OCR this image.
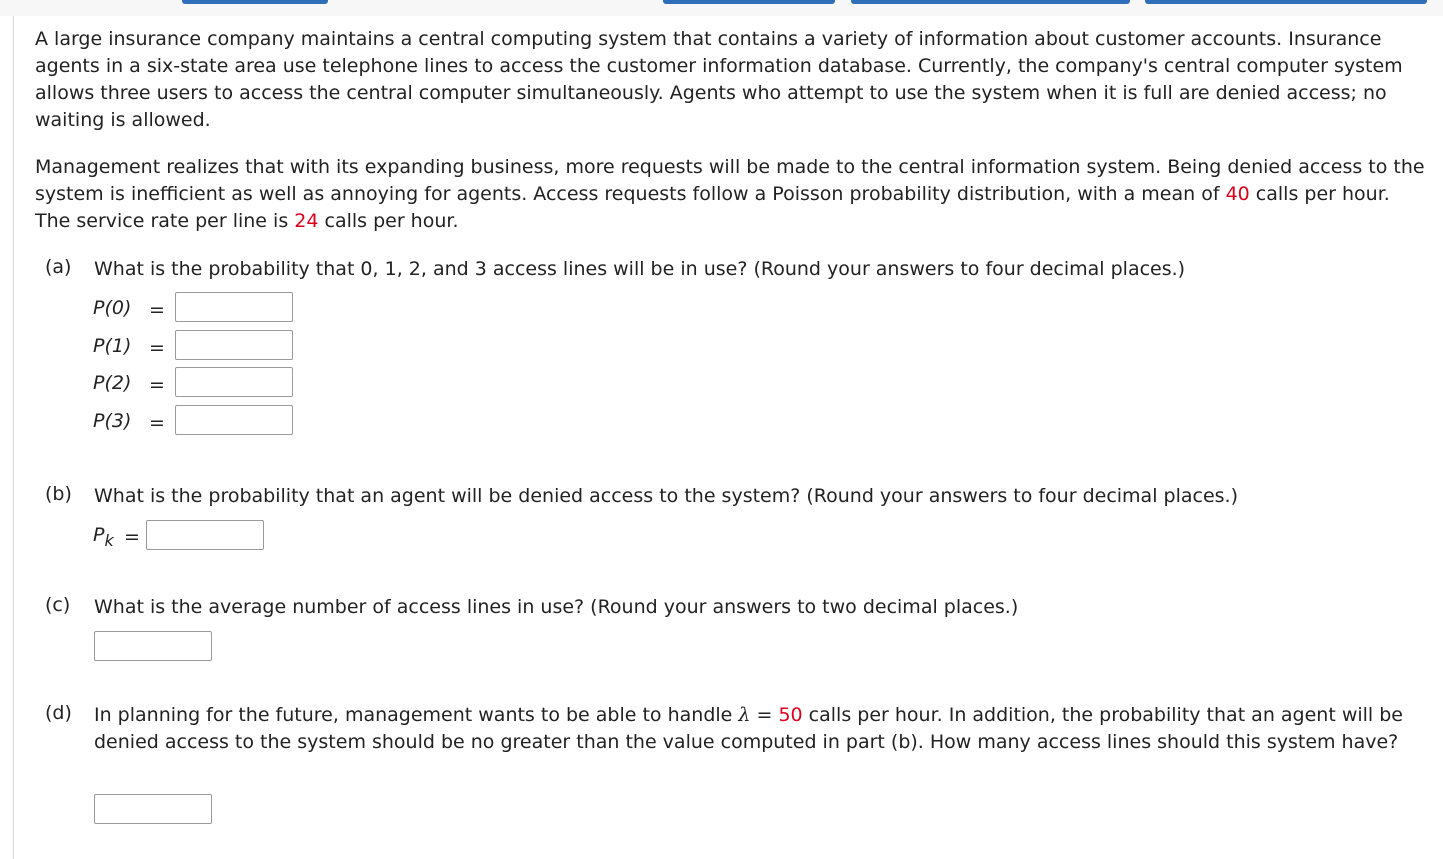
A large insurance company maintains a central computing system that contains a variety of information about customer accounts. Insurance agents in a six-state area use telephone lines to access the customer information database. Currently, the company's central computer system allows three users to access the central computer simultaneously. Agents who attempt to use the system when it is full are denied access; no waiting is allowed.

Management realizes that with its expanding business, more requests will be made to the central information system. Being denied access to the system is inefficient as well as annoying for agents. Access requests follow a Poisson probability distribution, with a mean of 40 calls per hour. The service rate per line is 24 calls per hour.

(a) What is the probability that 0, 1, 2, and 3 access lines will be in use? (Round your answers to four decimal places.)
P(0) =
P(1) =
P(2) =
P(3) =
(b) What is the probability that an agent will be denied access to the system? (Round your answers to four decimal places.)
$P_k$ =
(c) What is the average number of access lines in use? (Round your answers to two decimal places.)
(d) In planning for the future, management wants to be able to handle λ = 50 calls per hour. In addition, the probability that an agent will be denied access to the system should be no greater than the value computed in part (b). How many access lines should this system have?
